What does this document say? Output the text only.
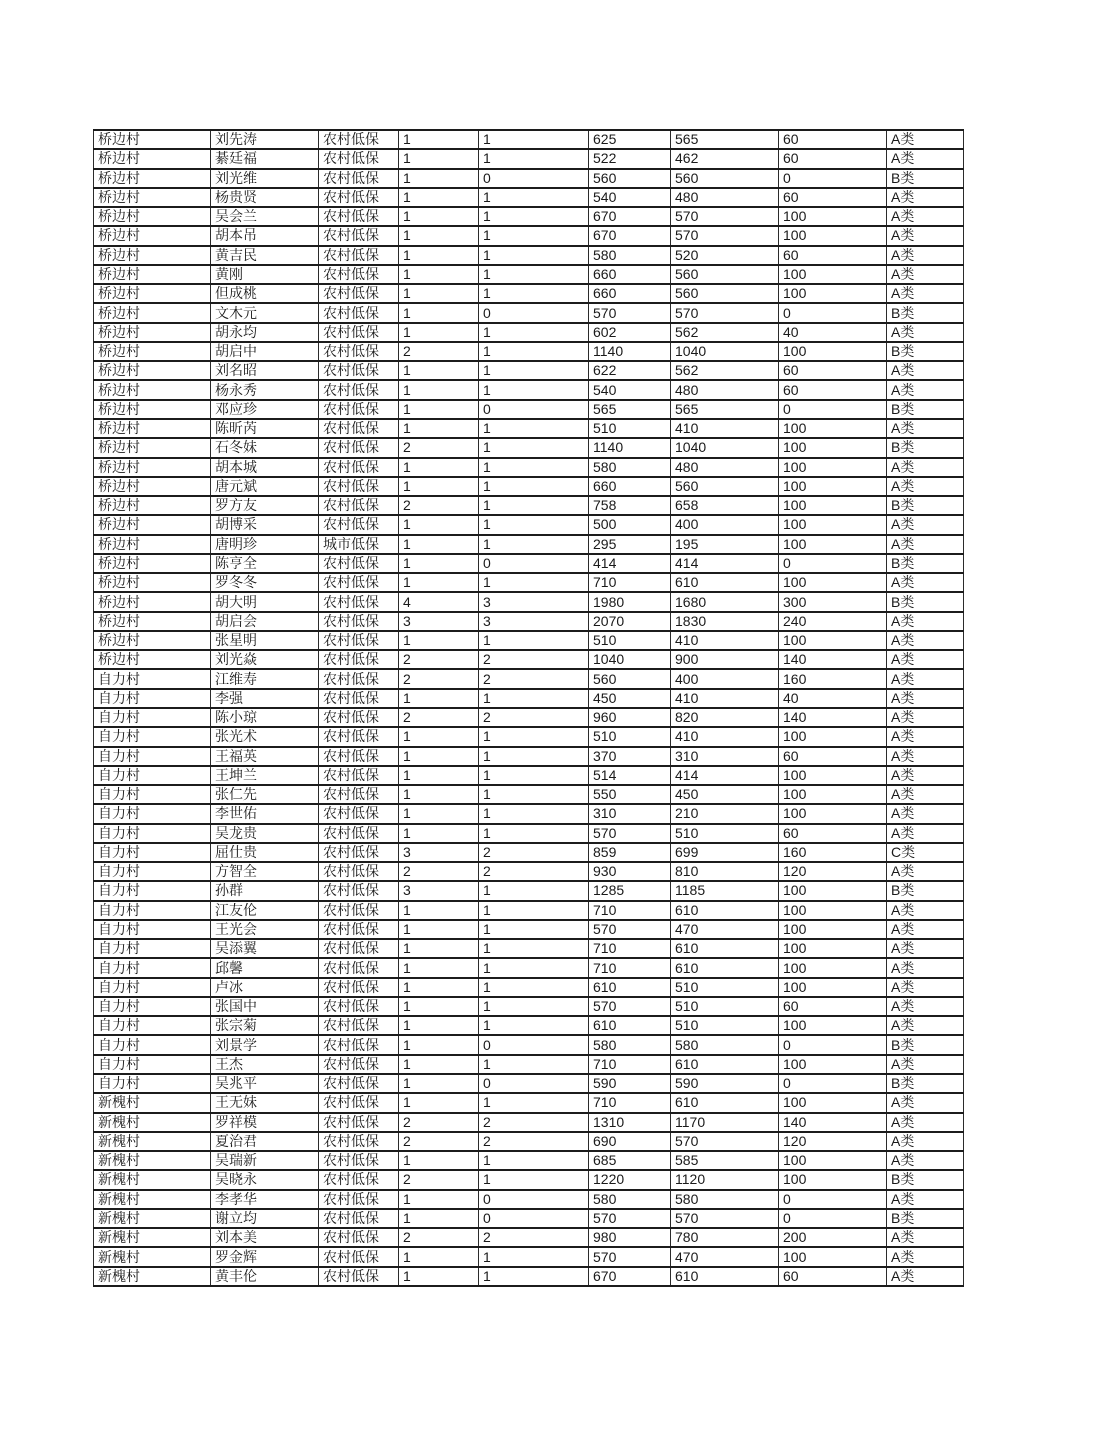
桥边村	刘先涛	农村低保	1	1	625	565	60	A类
桥边村	綦廷福	农村低保	1	1	522	462	60	A类
桥边村	刘光维	农村低保	1	0	560	560	0	B类
桥边村	杨贵贤	农村低保	1	1	540	480	60	A类
桥边村	吴会兰	农村低保	1	1	670	570	100	A类
桥边村	胡本吊	农村低保	1	1	670	570	100	A类
桥边村	黄吉民	农村低保	1	1	580	520	60	A类
桥边村	黄刚	农村低保	1	1	660	560	100	A类
桥边村	但成桃	农村低保	1	1	660	560	100	A类
桥边村	文木元	农村低保	1	0	570	570	0	B类
桥边村	胡永均	农村低保	1	1	602	562	40	A类
桥边村	胡启中	农村低保	2	1	1140	1040	100	B类
桥边村	刘名昭	农村低保	1	1	622	562	60	A类
桥边村	杨永秀	农村低保	1	1	540	480	60	A类
桥边村	邓应珍	农村低保	1	0	565	565	0	B类
桥边村	陈昕芮	农村低保	1	1	510	410	100	A类
桥边村	石冬妹	农村低保	2	1	1140	1040	100	B类
桥边村	胡本城	农村低保	1	1	580	480	100	A类
桥边村	唐元斌	农村低保	1	1	660	560	100	A类
桥边村	罗方友	农村低保	2	1	758	658	100	B类
桥边村	胡博采	农村低保	1	1	500	400	100	A类
桥边村	唐明珍	城市低保	1	1	295	195	100	A类
桥边村	陈亨全	农村低保	1	0	414	414	0	B类
桥边村	罗冬冬	农村低保	1	1	710	610	100	A类
桥边村	胡大明	农村低保	4	3	1980	1680	300	B类
桥边村	胡启会	农村低保	3	3	2070	1830	240	A类
桥边村	张星明	农村低保	1	1	510	410	100	A类
桥边村	刘光焱	农村低保	2	2	1040	900	140	A类
自力村	江维寿	农村低保	2	2	560	400	160	A类
自力村	李强	农村低保	1	1	450	410	40	A类
自力村	陈小琼	农村低保	2	2	960	820	140	A类
自力村	张光术	农村低保	1	1	510	410	100	A类
自力村	王福英	农村低保	1	1	370	310	60	A类
自力村	王坤兰	农村低保	1	1	514	414	100	A类
自力村	张仁先	农村低保	1	1	550	450	100	A类
自力村	李世佑	农村低保	1	1	310	210	100	A类
自力村	吴龙贵	农村低保	1	1	570	510	60	A类
自力村	屈仕贵	农村低保	3	2	859	699	160	C类
自力村	方智全	农村低保	2	2	930	810	120	A类
自力村	孙群	农村低保	3	1	1285	1185	100	B类
自力村	江友伦	农村低保	1	1	710	610	100	A类
自力村	王光会	农村低保	1	1	570	470	100	A类
自力村	吴添翼	农村低保	1	1	710	610	100	A类
自力村	邱馨	农村低保	1	1	710	610	100	A类
自力村	卢冰	农村低保	1	1	610	510	100	A类
自力村	张国中	农村低保	1	1	570	510	60	A类
自力村	张宗菊	农村低保	1	1	610	510	100	A类
自力村	刘景学	农村低保	1	0	580	580	0	B类
自力村	王杰	农村低保	1	1	710	610	100	A类
自力村	吴兆平	农村低保	1	0	590	590	0	B类
新槐村	王无妹	农村低保	1	1	710	610	100	A类
新槐村	罗祥模	农村低保	2	2	1310	1170	140	A类
新槐村	夏治君	农村低保	2	2	690	570	120	A类
新槐村	吴瑞新	农村低保	1	1	685	585	100	A类
新槐村	吴晓永	农村低保	2	1	1220	1120	100	B类
新槐村	李孝华	农村低保	1	0	580	580	0	A类
新槐村	谢立均	农村低保	1	0	570	570	0	B类
新槐村	刘本美	农村低保	2	2	980	780	200	A类
新槐村	罗金辉	农村低保	1	1	570	470	100	A类
新槐村	黄丰伦	农村低保	1	1	670	610	60	A类
